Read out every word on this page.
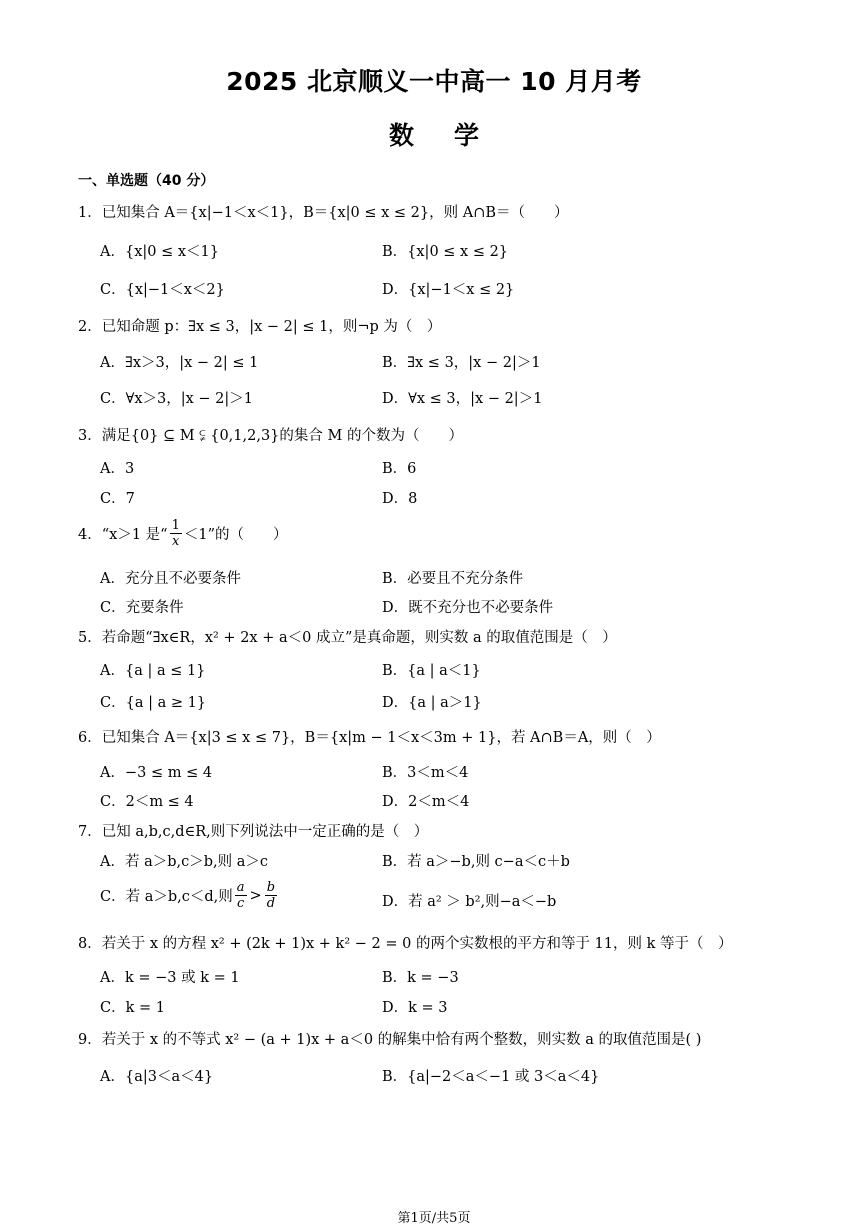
2025 北京顺义一中高一 10 月月考
数学
一、单选题（40 分）
1．已知集合 A＝{x|−1＜x＜1}，B＝{x|0 ≤ x ≤ 2}，则 A∩B＝（　　）
A．{x|0 ≤ x＜1}	B．{x|0 ≤ x ≤ 2}
C．{x|−1＜x＜2}	D．{x|−1＜x ≤ 2}
2．已知命题 p：∃x ≤ 3，|x − 2| ≤ 1，则¬p 为（　）
A．∃x＞3，|x − 2| ≤ 1	B．∃x ≤ 3，|x − 2|＞1
C．∀x＞3，|x − 2|＞1	D．∀x ≤ 3，|x − 2|＞1
3．满足{0} ⊆ M ⫋ {0,1,2,3}的集合 M 的个数为（　　）
A．3	B．6
C．7	D．8
4．“x＞1 是“ $\frac{1}{x} <1$”的（　　）
A．充分且不必要条件	B．必要且不充分条件
C．充要条件	D．既不充分也不必要条件
5．若命题“∃x∈R，x² + 2x + a＜0 成立”是真命题，则实数 a 的取值范围是（　）
A．{a | a ≤ 1}	B．{a | a＜1}
C．{a | a ≥ 1}	D．{a | a＞1}
6．已知集合 A＝{x|3 ≤ x ≤ 7}，B＝{x|m − 1＜x＜3m + 1}，若 A∩B＝A，则（　）
A．−3 ≤ m ≤ 4	B．3＜m＜4
C．2＜m ≤ 4	D．2＜m＜4
7．已知 a,b,c,d∈R,则下列说法中一定正确的是（　）
A．若 a＞b,c＞b,则 a＞c	B．若 a＞−b,则 c−a＜c＋b
C．若 a＞b,c＜d,则 $\frac{a}{c} > \frac{b}{d}$	D．若 a² ＞ b²,则−a＜−b
8．若关于 x 的方程 x² + (2k + 1)x + k² − 2 = 0 的两个实数根的平方和等于 11，则 k 等于（　）
A．k = −3 或 k = 1	B．k = −3
C．k = 1	D．k = 3
9．若关于 x 的不等式 x² − (a + 1)x + a＜0 的解集中恰有两个整数，则实数 a 的取值范围是( )
A．{a|3＜a＜4}	B．{a|−2＜a＜−1 或 3＜a＜4}
第1页/共5页
